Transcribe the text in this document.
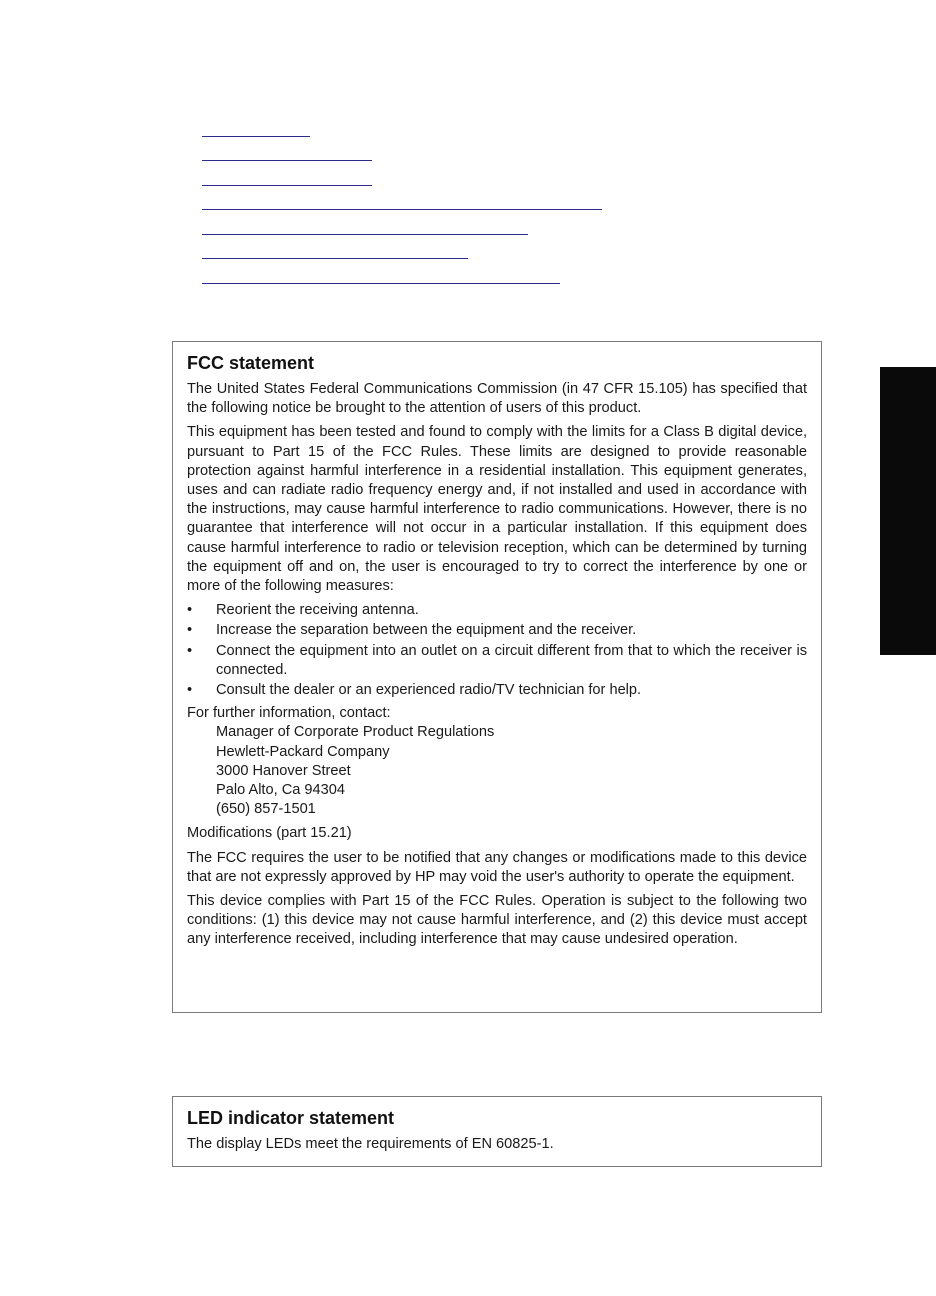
FCC statement

The United States Federal Communications Commission (in 47 CFR 15.105) has specified that the following notice be brought to the attention of users of this product.

This equipment has been tested and found to comply with the limits for a Class B digital device, pursuant to Part 15 of the FCC Rules. These limits are designed to provide reasonable protection against harmful interference in a residential installation. This equipment generates, uses and can radiate radio frequency energy and, if not installed and used in accordance with the instructions, may cause harmful interference to radio communications. However, there is no guarantee that interference will not occur in a particular installation. If this equipment does cause harmful interference to radio or television reception, which can be determined by turning the equipment off and on, the user is encouraged to try to correct the interference by one or more of the following measures:

• Reorient the receiving antenna.
• Increase the separation between the equipment and the receiver.
• Connect the equipment into an outlet on a circuit different from that to which the receiver is connected.
• Consult the dealer or an experienced radio/TV technician for help.
For further information, contact:
Manager of Corporate Product Regulations
Hewlett-Packard Company
3000 Hanover Street
Palo Alto, Ca 94304
(650) 857-1501

Modifications (part 15.21)

The FCC requires the user to be notified that any changes or modifications made to this device that are not expressly approved by HP may void the user's authority to operate the equipment.

This device complies with Part 15 of the FCC Rules. Operation is subject to the following two conditions: (1) this device may not cause harmful interference, and (2) this device must accept any interference received, including interference that may cause undesired operation.

LED indicator statement

The display LEDs meet the requirements of EN 60825-1.
